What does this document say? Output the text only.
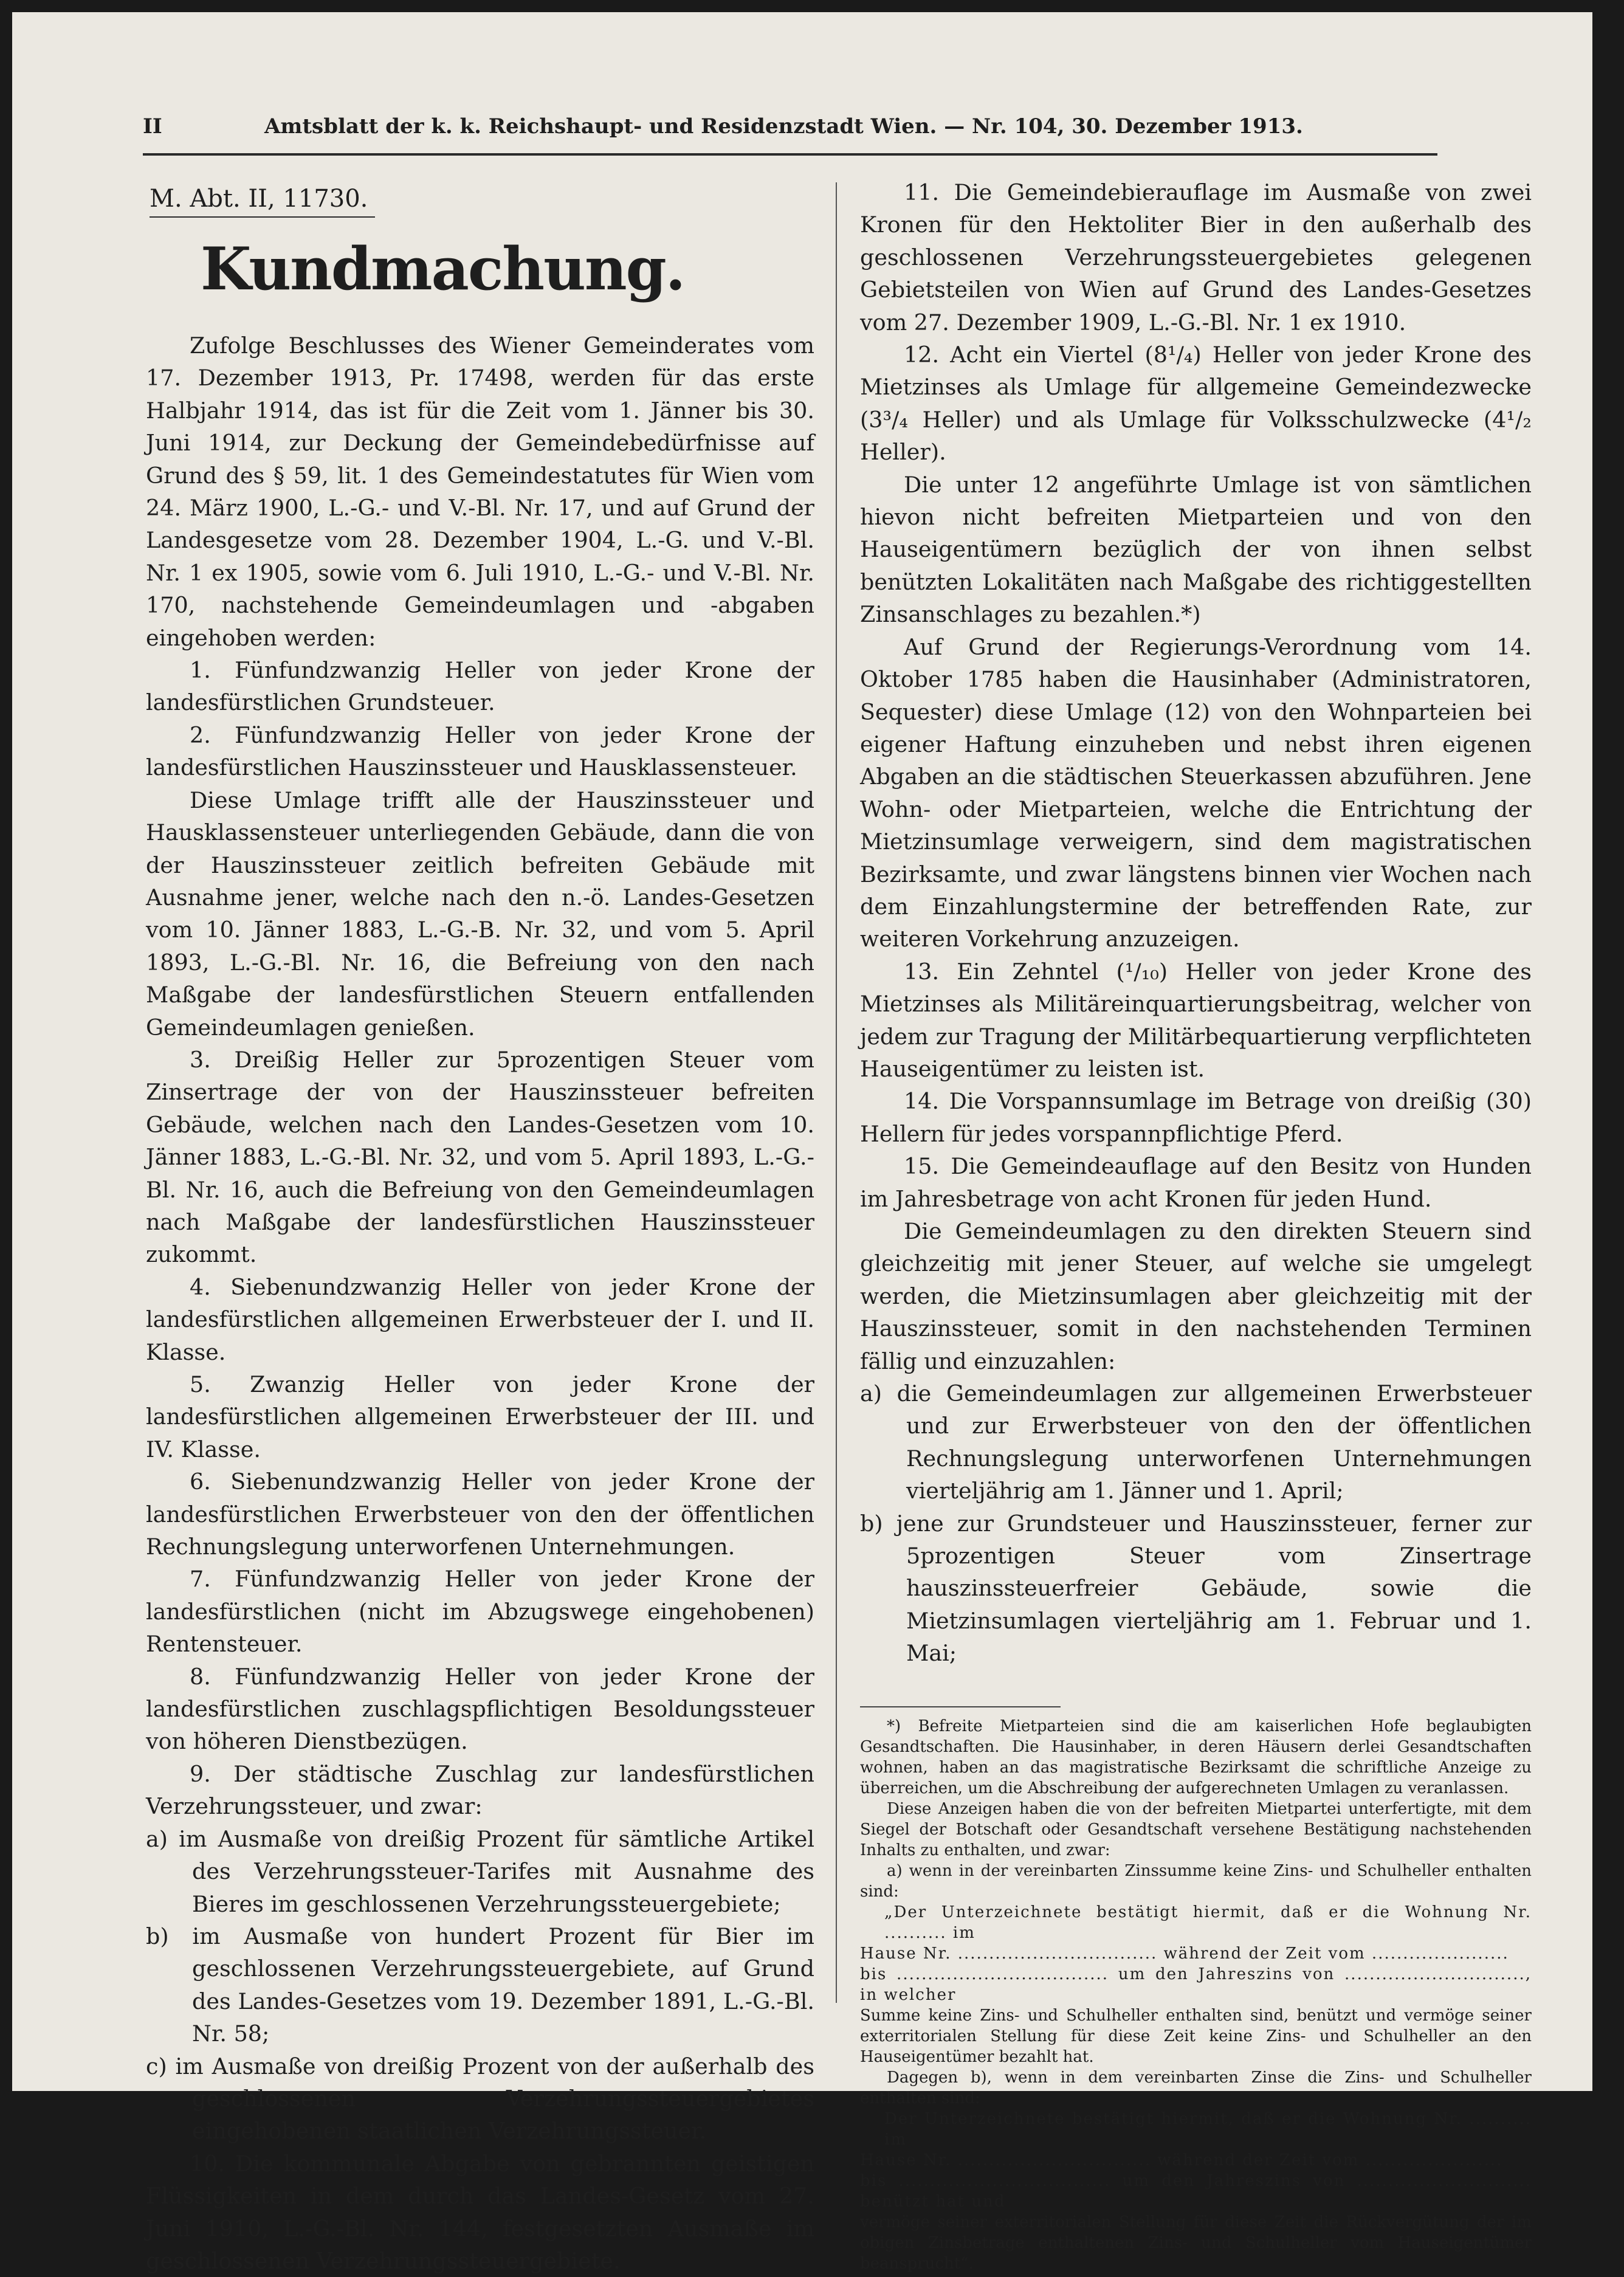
II	Amtsblatt der k. k. Reichshaupt- und Residenzstadt Wien. — Nr. 104, 30. Dezember 1913.
M. Abt. II, 11730.
Kundmachung.

Zufolge Beschlusses des Wiener Gemeinderates vom 17. Dezember 1913, Pr. 17498, werden für das erste Halbjahr 1914, das ist für die Zeit vom 1. Jänner bis 30. Juni 1914, zur Deckung der Gemeindebedürfnisse auf Grund des § 59, lit. 1 des Gemeindestatutes für Wien vom 24. März 1900, L.-G.- und V.-Bl. Nr. 17, und auf Grund der Landesgesetze vom 28. Dezember 1904, L.-G. und V.-Bl. Nr. 1 ex 1905, sowie vom 6. Juli 1910, L.-G.- und V.-Bl. Nr. 170, nachstehende Gemeindeumlagen und -abgaben eingehoben werden:

1. Fünfundzwanzig Heller von jeder Krone der landesfürstlichen Grundsteuer.

2. Fünfundzwanzig Heller von jeder Krone der landesfürstlichen Hauszinssteuer und Hausklassensteuer.

Diese Umlage trifft alle der Hauszinssteuer und Hausklassensteuer unterliegenden Gebäude, dann die von der Hauszinssteuer zeitlich befreiten Gebäude mit Ausnahme jener, welche nach den n.-ö. Landes-Gesetzen vom 10. Jänner 1883, L.-G.-B. Nr. 32, und vom 5. April 1893, L.-G.-Bl. Nr. 16, die Befreiung von den nach Maßgabe der landesfürstlichen Steuern entfallenden Gemeindeumlagen genießen.

3. Dreißig Heller zur 5prozentigen Steuer vom Zinsertrage der von der Hauszinssteuer befreiten Gebäude, welchen nach den Landes-Gesetzen vom 10. Jänner 1883, L.-G.-Bl. Nr. 32, und vom 5. April 1893, L.-G.-Bl. Nr. 16, auch die Befreiung von den Gemeindeumlagen nach Maßgabe der landesfürstlichen Hauszinssteuer zukommt.

4. Siebenundzwanzig Heller von jeder Krone der landesfürstlichen allgemeinen Erwerbsteuer der I. und II. Klasse.

5. Zwanzig Heller von jeder Krone der landesfürstlichen allgemeinen Erwerbsteuer der III. und IV. Klasse.

6. Siebenundzwanzig Heller von jeder Krone der landesfürstlichen Erwerbsteuer von den der öffentlichen Rechnungslegung unterworfenen Unternehmungen.

7. Fünfundzwanzig Heller von jeder Krone der landesfürstlichen (nicht im Abzugswege eingehobenen) Rentensteuer.

8. Fünfundzwanzig Heller von jeder Krone der landesfürstlichen zuschlagspflichtigen Besoldungssteuer von höheren Dienstbezügen.

9. Der städtische Zuschlag zur landesfürstlichen Verzehrungssteuer, und zwar:

a) im Ausmaße von dreißig Prozent für sämtliche Artikel des Verzehrungssteuer-Tarifes mit Ausnahme des Bieres im geschlossenen Verzehrungssteuergebiete;

b) im Ausmaße von hundert Prozent für Bier im geschlossenen Verzehrungssteuergebiete, auf Grund des Landes-Gesetzes vom 19. Dezember 1891, L.-G.-Bl. Nr. 58;

c) im Ausmaße von dreißig Prozent von der außerhalb des geschlossenen Verzehrungssteuergebietes eingehobenen staatlichen Verzehrungssteuer.

10. Die kommunale Abgabe von gebrannten geistigen Flüssigkeiten in dem durch das Landes-Gesetz vom 27. Juni 1910, L.-G.-Bl. Nr. 144, festgesetzten Ausmaße im geschlossenen Verzehrungssteuergebiete.

11. Die Gemeindebierauflage im Ausmaße von zwei Kronen für den Hektoliter Bier in den außerhalb des geschlossenen Verzehrungssteuergebietes gelegenen Gebietsteilen von Wien auf Grund des Landes-Gesetzes vom 27. Dezember 1909, L.-G.-Bl. Nr. 1 ex 1910.

12. Acht ein Viertel (8¹/₄) Heller von jeder Krone des Mietzinses als Umlage für allgemeine Gemeindezwecke (3³/₄ Heller) und als Umlage für Volksschulzwecke (4¹/₂ Heller).

Die unter 12 angeführte Umlage ist von sämtlichen hievon nicht befreiten Mietparteien und von den Hauseigentümern bezüglich der von ihnen selbst benützten Lokalitäten nach Maßgabe des richtiggestellten Zinsanschlages zu bezahlen.*)

Auf Grund der Regierungs-Verordnung vom 14. Oktober 1785 haben die Hausinhaber (Administratoren, Sequester) diese Umlage (12) von den Wohnparteien bei eigener Haftung einzuheben und nebst ihren eigenen Abgaben an die städtischen Steuerkassen abzuführen. Jene Wohn- oder Mietparteien, welche die Entrichtung der Mietzinsumlage verweigern, sind dem magistratischen Bezirksamte, und zwar längstens binnen vier Wochen nach dem Einzahlungstermine der betreffenden Rate, zur weiteren Vorkehrung anzuzeigen.

13. Ein Zehntel (¹/₁₀) Heller von jeder Krone des Mietzinses als Militäreinquartierungsbeitrag, welcher von jedem zur Tragung der Militärbequartierung verpflichteten Hauseigentümer zu leisten ist.

14. Die Vorspannsumlage im Betrage von dreißig (30) Hellern für jedes vorspannpflichtige Pferd.

15. Die Gemeindeauflage auf den Besitz von Hunden im Jahresbetrage von acht Kronen für jeden Hund.

Die Gemeindeumlagen zu den direkten Steuern sind gleichzeitig mit jener Steuer, auf welche sie umgelegt werden, die Mietzinsumlagen aber gleichzeitig mit der Hauszinssteuer, somit in den nachstehenden Terminen fällig und einzuzahlen:

a) die Gemeindeumlagen zur allgemeinen Erwerbsteuer und zur Erwerbsteuer von den der öffentlichen Rechnungslegung unterworfenen Unternehmungen vierteljährig am 1. Jänner und 1. April;

b) jene zur Grundsteuer und Hauszinssteuer, ferner zur 5prozentigen Steuer vom Zinsertrage hauszinssteuerfreier Gebäude, sowie die Mietzinsumlagen vierteljährig am 1. Februar und 1. Mai;

*) Befreite Mietparteien sind die am kaiserlichen Hofe beglaubigten Gesandtschaften. Die Hausinhaber, in deren Häusern derlei Gesandtschaften wohnen, haben an das magistratische Bezirksamt die schriftliche Anzeige zu überreichen, um die Abschreibung der aufgerechneten Umlagen zu veranlassen.

Diese Anzeigen haben die von der befreiten Mietpartei unterfertigte, mit dem Siegel der Botschaft oder Gesandtschaft versehene Bestätigung nachstehenden Inhalts zu enthalten, und zwar:

a) wenn in der vereinbarten Zinssumme keine Zins- und Schulheller enthalten sind:

„Der Unterzeichnete bestätigt hiermit, daß er die Wohnung Nr. .......... im

Hause Nr. ................................ während der Zeit vom ......................

bis .................................. um den Jahreszins von ............................., in welcher

Summe keine Zins- und Schulheller enthalten sind, benützt und vermöge seiner exterritorialen Stellung für diese Zeit keine Zins- und Schulheller an den Hauseigentümer bezahlt hat.

Dagegen b), wenn in dem vereinbarten Zinse die Zins- und Schulheller enthalten sind:

Der Unterzeichnete bestätigt hiermit, daß er die Wohnung Nr. .......... im

Hause Nr. ............................... während der Zeit vom ......................

bis .................................. um den Jahreszins von ............................ benützt hat und

vermöge seiner exterritorialen Stellung für diese Zeit die Rückvergütung der im obigen Zinsbetrage enthaltenen Zins- und Schulheller vom Hauseigentümer beansprucht“.
